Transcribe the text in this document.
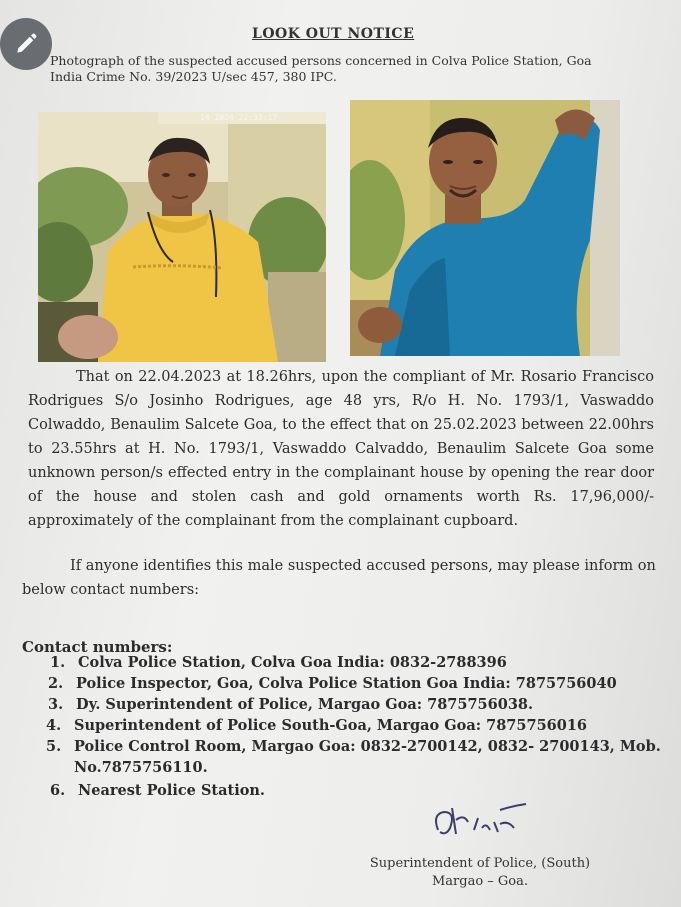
LOOK OUT NOTICE
Photograph of the suspected accused persons concerned in Colva Police Station, Goa
India Crime No. 39/2023 U/sec 457, 380 IPC.
14 2024 22:33:17
That on 22.04.2023 at 18.26hrs, upon the compliant of Mr. Rosario Francisco Rodrigues S/o Josinho Rodrigues, age 48 yrs, R/o H. No. 1793/1, Vaswaddo Colwaddo, Benaulim Salcete Goa, to the effect that on 25.02.2023 between 22.00hrs to 23.55hrs at H. No. 1793/1, Vaswaddo Calvaddo, Benaulim Salcete Goa some unknown person/s effected entry in the complainant house by opening the rear door of the house and stolen cash and gold ornaments worth Rs. 17,96,000/- approximately of the complainant from the complainant cupboard.
If anyone identifies this male suspected accused persons, may please inform on below contact numbers:
Contact numbers:
1. Colva Police Station, Colva Goa India: 0832-2788396
2. Police Inspector, Goa, Colva Police Station Goa India: 7875756040
3. Dy. Superintendent of Police, Margao Goa: 7875756038.
4. Superintendent of Police South-Goa, Margao Goa: 7875756016
5. Police Control Room, Margao Goa: 0832-2700142, 0832- 2700143, Mob. No.7875756110.
6. Nearest Police Station.
Superintendent of Police, (South)
Margao – Goa.
